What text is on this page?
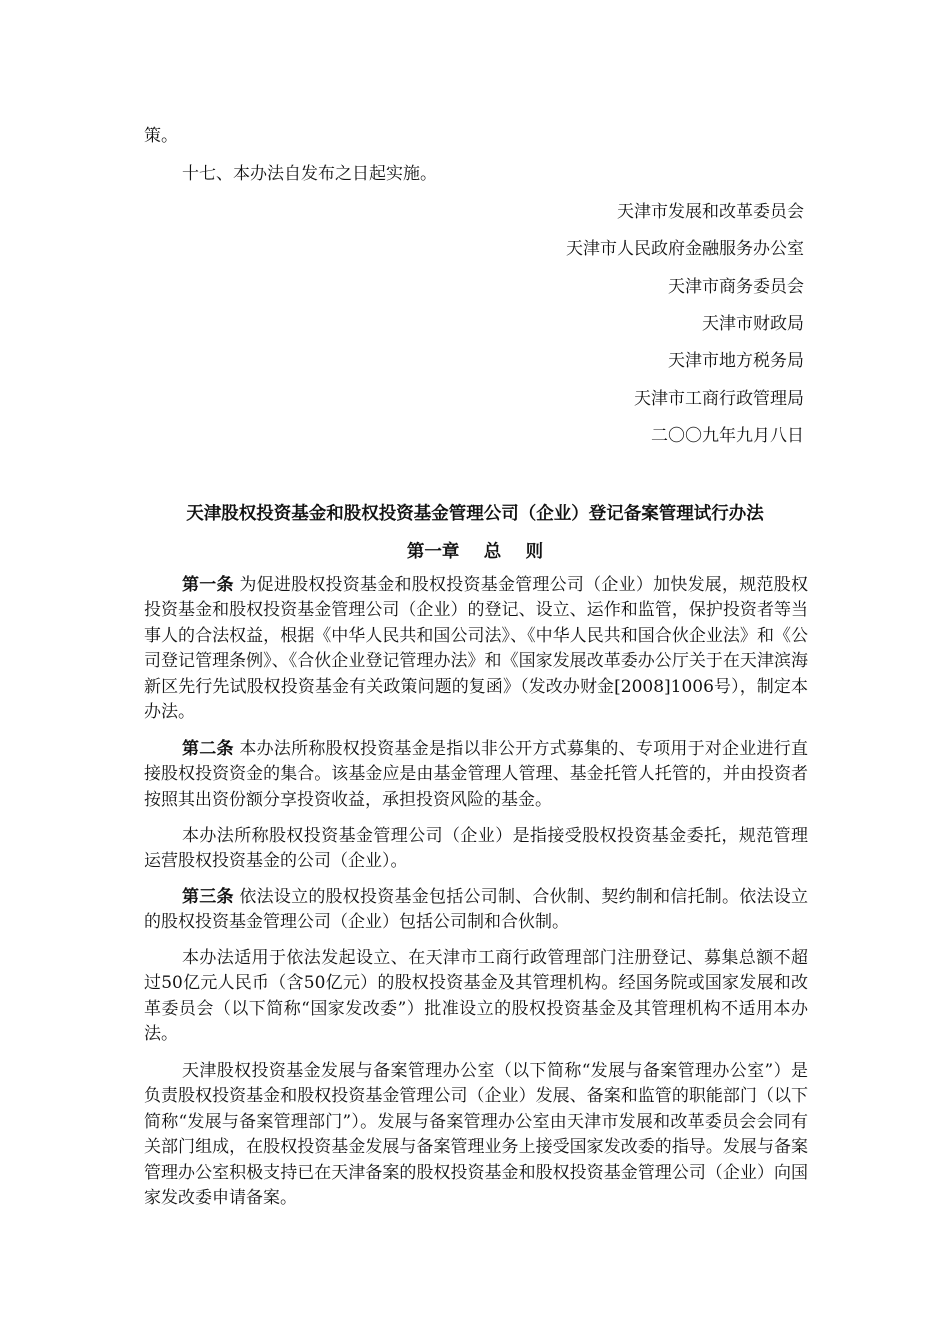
策。
十七、本办法自发布之日起实施。
天津市发展和改革委员会
天津市人民政府金融服务办公室
天津市商务委员会
天津市财政局
天津市地方税务局
天津市工商行政管理局
二〇〇九年九月八日
天津股权投资基金和股权投资基金管理公司（企业）登记备案管理试行办法
第一章    总    则
第一条 为促进股权投资基金和股权投资基金管理公司（企业）加快发展，规范股权投资基金和股权投资基金管理公司（企业）的登记、设立、运作和监管，保护投资者等当事人的合法权益，根据《中华人民共和国公司法》、《中华人民共和国合伙企业法》和《公司登记管理条例》、《合伙企业登记管理办法》和《国家发展改革委办公厅关于在天津滨海新区先行先试股权投资基金有关政策问题的复函》（发改办财金[2008]1006号），制定本办法。
第二条 本办法所称股权投资基金是指以非公开方式募集的、专项用于对企业进行直接股权投资资金的集合。该基金应是由基金管理人管理、基金托管人托管的，并由投资者按照其出资份额分享投资收益，承担投资风险的基金。
本办法所称股权投资基金管理公司（企业）是指接受股权投资基金委托，规范管理运营股权投资基金的公司（企业）。
第三条 依法设立的股权投资基金包括公司制、合伙制、契约制和信托制。依法设立的股权投资基金管理公司（企业）包括公司制和合伙制。
本办法适用于依法发起设立、在天津市工商行政管理部门注册登记、募集总额不超过50亿元人民币（含50亿元）的股权投资基金及其管理机构。经国务院或国家发展和改革委员会（以下简称“国家发改委”）批准设立的股权投资基金及其管理机构不适用本办法。
天津股权投资基金发展与备案管理办公室（以下简称“发展与备案管理办公室”）是负责股权投资基金和股权投资基金管理公司（企业）发展、备案和监管的职能部门（以下简称“发展与备案管理部门”）。发展与备案管理办公室由天津市发展和改革委员会会同有关部门组成，在股权投资基金发展与备案管理业务上接受国家发改委的指导。发展与备案管理办公室积极支持已在天津备案的股权投资基金和股权投资基金管理公司（企业）向国家发改委申请备案。
